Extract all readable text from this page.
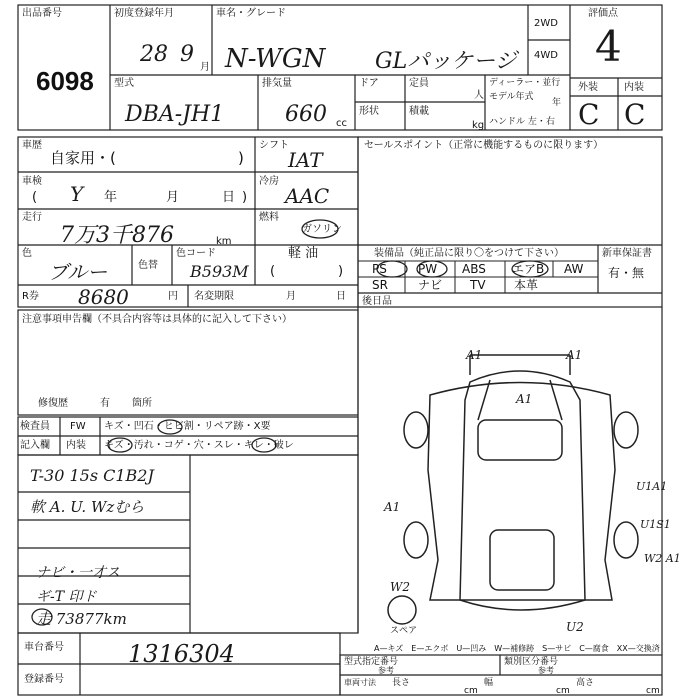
出品番号
6098
初度登録年月
28 9
月
車名・グレード
N-WGN GLパッケージ
2WD
4WD
評価点
4
型式
DBA-JH1
排気量
660 cc
ドア	定員
人
形状	積載
kg
ディーラー・並行
モデル年式
年
ハンドル 左・右
外装	内装
C C
車歴
自家用・(	)
シフト
IAT
車検
Y 年	月	日
(	)
冷房
AAC
走行
7万3千876	km
燃料
ガソリン
色
ブルー	色替
色コード
B593M
軽 油
(	)
R券 8680	円 名変期限	月	日
セールスポイント（正常に機能するものに限ります）
装備品（純正品に限り〇をつけて下さい）	新車保証書
有・無
PS	PW ABS エアB AW
SR	ナビ TV 本革
後日品
注意事項申告欄（不具合内容等は具体的に記入して下さい）
修復歴	有 箇所
検査員
記入欄
FW キズ・凹石・ヒビ割・リペア跡・X要
内装 キズ・汚れ・コゲ・穴・スレ・キレ・破レ
T-30 15s C1B2J
軟 A. U. Wzむら
ナビ・一才ス
ギ-T 印ド
走 73877km
A1	A1
A1
A1
U1A1
U1S1
W2 A1
W2
U2
スペア
A—キズ　E—エクボ　U—凹み　W—補修跡　S—サビ　C—腐食　XX—交換済
車台番号	1316304
登録番号
型式指定番号
参考
類別区分番号
参考
車両寸法 長さ
cm
幅
cm
高さ
cm
